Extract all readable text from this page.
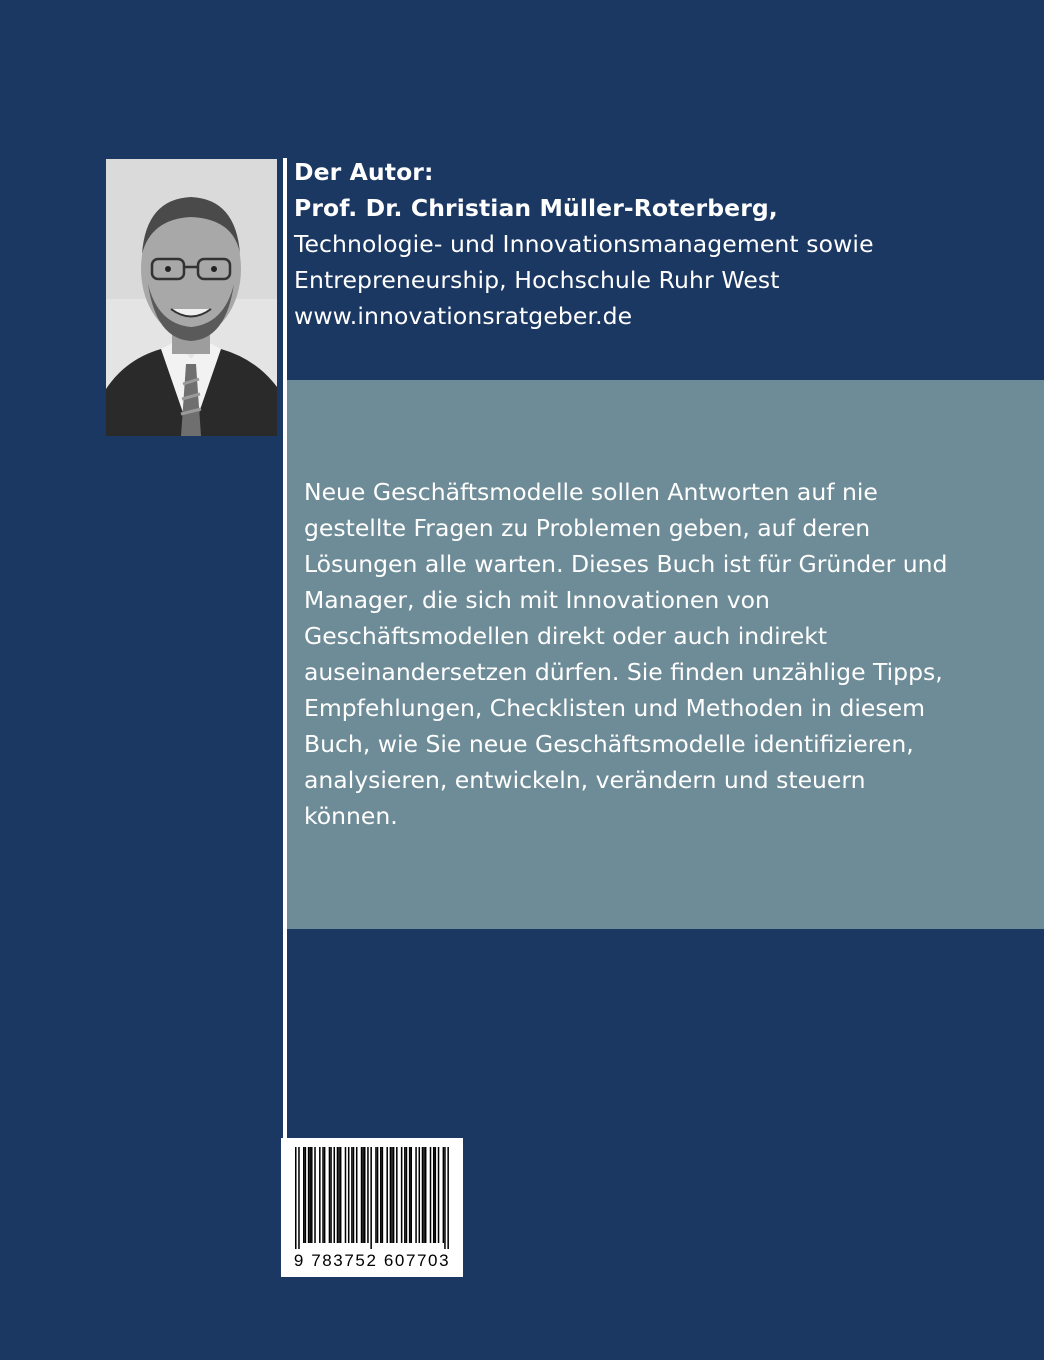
Der Autor:
Prof. Dr. Christian Müller-Roterberg,
Technologie- und Innovationsmanagement sowie
Entrepreneurship, Hochschule Ruhr West
www.innovationsratgeber.de
Neue Geschäftsmodelle sollen Antworten auf nie
gestellte Fragen zu Problemen geben, auf deren
Lösungen alle warten. Dieses Buch ist für Gründer und
Manager, die sich mit Innovationen von
Geschäftsmodellen direkt oder auch indirekt
auseinandersetzen dürfen. Sie finden unzählige Tipps,
Empfehlungen, Checklisten und Methoden in diesem
Buch, wie Sie neue Geschäftsmodelle identifizieren,
analysieren, entwickeln, verändern und steuern
können.
9 783752 607703
